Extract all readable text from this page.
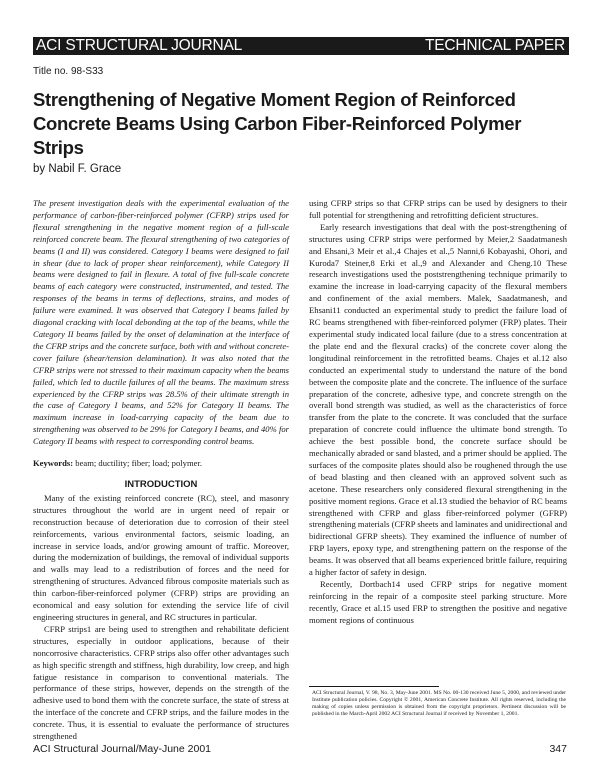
ACI STRUCTURAL JOURNAL	TECHNICAL PAPER
Title no. 98-S33
Strengthening of Negative Moment Region of Reinforced Concrete Beams Using Carbon Fiber-Reinforced Polymer Strips
by Nabil F. Grace

The present investigation deals with the experimental evaluation of the performance of carbon-fiber-reinforced polymer (CFRP) strips used for flexural strengthening in the negative moment region of a full-scale reinforced concrete beam. The flexural strengthening of two categories of beams (I and II) was considered. Category I beams were designed to fail in shear (due to lack of proper shear reinforcement), while Category II beams were designed to fail in flexure. A total of five full-scale concrete beams of each category were constructed, instrumented, and tested. The responses of the beams in terms of deflections, strains, and modes of failure were examined. It was observed that Category I beams failed by diagonal cracking with local debonding at the top of the beams, while the Category II beams failed by the onset of delamination at the interface of the CFRP strips and the concrete surface, both with and without concrete-cover failure (shear/tension delamination). It was also noted that the CFRP strips were not stressed to their maximum capacity when the beams failed, which led to ductile failures of all the beams. The maximum stress experienced by the CFRP strips was 28.5% of their ultimate strength in the case of Category I beams, and 52% for Category II beams. The maximum increase in load-carrying capacity of the beam due to strengthening was observed to be 29% for Category I beams, and 40% for Category II beams with respect to corresponding control beams.

Keywords: beam; ductility; fiber; load; polymer.

INTRODUCTION

Many of the existing reinforced concrete (RC), steel, and masonry structures throughout the world are in urgent need of repair or reconstruction because of deterioration due to corrosion of their steel reinforcements, various environmental factors, seismic loading, an increase in service loads, and/or growing amount of traffic. Moreover, during the modernization of buildings, the removal of individual supports and walls may lead to a redistribution of forces and the need for strengthening of structures. Advanced fibrous composite materials such as thin carbon-fiber-reinforced polymer (CFRP) strips are providing an economical and easy solution for extending the service life of civil engineering structures in general, and RC structures in particular.

CFRP strips1 are being used to strengthen and rehabilitate deficient structures, especially in outdoor applications, because of their noncorrosive characteristics. CFRP strips also offer other advantages such as high specific strength and stiffness, high durability, low creep, and high fatigue resistance in comparison to conventional materials. The performance of these strips, however, depends on the strength of the adhesive used to bond them with the concrete surface, the state of stress at the interface of the concrete and CFRP strips, and the failure modes in the concrete. Thus, it is essential to evaluate the performance of structures strengthened

using CFRP strips so that CFRP strips can be used by designers to their full potential for strengthening and retrofitting deficient structures.

Early research investigations that deal with the post-strengthening of structures using CFRP strips were performed by Meier,2 Saadatmanesh and Ehsani,3 Meir et al.,4 Chajes et al.,5 Nanni,6 Kobayashi, Ohori, and Kuroda7 Steiner,8 Erki et al.,9 and Alexander and Cheng.10 These research investigations used the poststrengthening technique primarily to examine the increase in load-carrying capacity of the flexural members and confinement of the axial members. Malek, Saadatmanesh, and Ehsani11 conducted an experimental study to predict the failure load of RC beams strengthened with fiber-reinforced polymer (FRP) plates. Their experimental study indicated local failure (due to a stress concentration at the plate end and the flexural cracks) of the concrete cover along the longitudinal reinforcement in the retrofitted beams. Chajes et al.12 also conducted an experimental study to understand the nature of the bond between the composite plate and the concrete. The influence of the surface preparation of the concrete, adhesive type, and concrete strength on the overall bond strength was studied, as well as the characteristics of force transfer from the plate to the concrete. It was concluded that the surface preparation of concrete could influence the ultimate bond strength. To achieve the best possible bond, the concrete surface should be mechanically abraded or sand blasted, and a primer should be applied. The surfaces of the composite plates should also be roughened through the use of bead blasting and then cleaned with an approved solvent such as acetone. These researchers only considered flexural strengthening in the positive moment regions. Grace et al.13 studied the behavior of RC beams strengthened with CFRP and glass fiber-reinforced polymer (GFRP) strengthening materials (CFRP sheets and laminates and unidirectional and bidirectional GFRP sheets). They examined the influence of number of FRP layers, epoxy type, and strengthening pattern on the response of the beams. It was observed that all beams experienced brittle failure, requiring a higher factor of safety in design.

Recently, Dortbach14 used CFRP strips for negative moment reinforcing in the repair of a composite steel parking structure. More recently, Grace et al.15 used FRP to strengthen the positive and negative moment regions of continuous

ACI Structural Journal, V. 98, No. 3, May-June 2001. MS No. 00-130 received June 5, 2000, and reviewed under Institute publication policies. Copyright © 2001, American Concrete Institute. All rights reserved, including the making of copies unless permission is obtained from the copyright proprietors. Pertinent discussion will be published in the March-April 2002 ACI Structural Journal if received by November 1, 2001.
ACI Structural Journal/May-June 2001	347
